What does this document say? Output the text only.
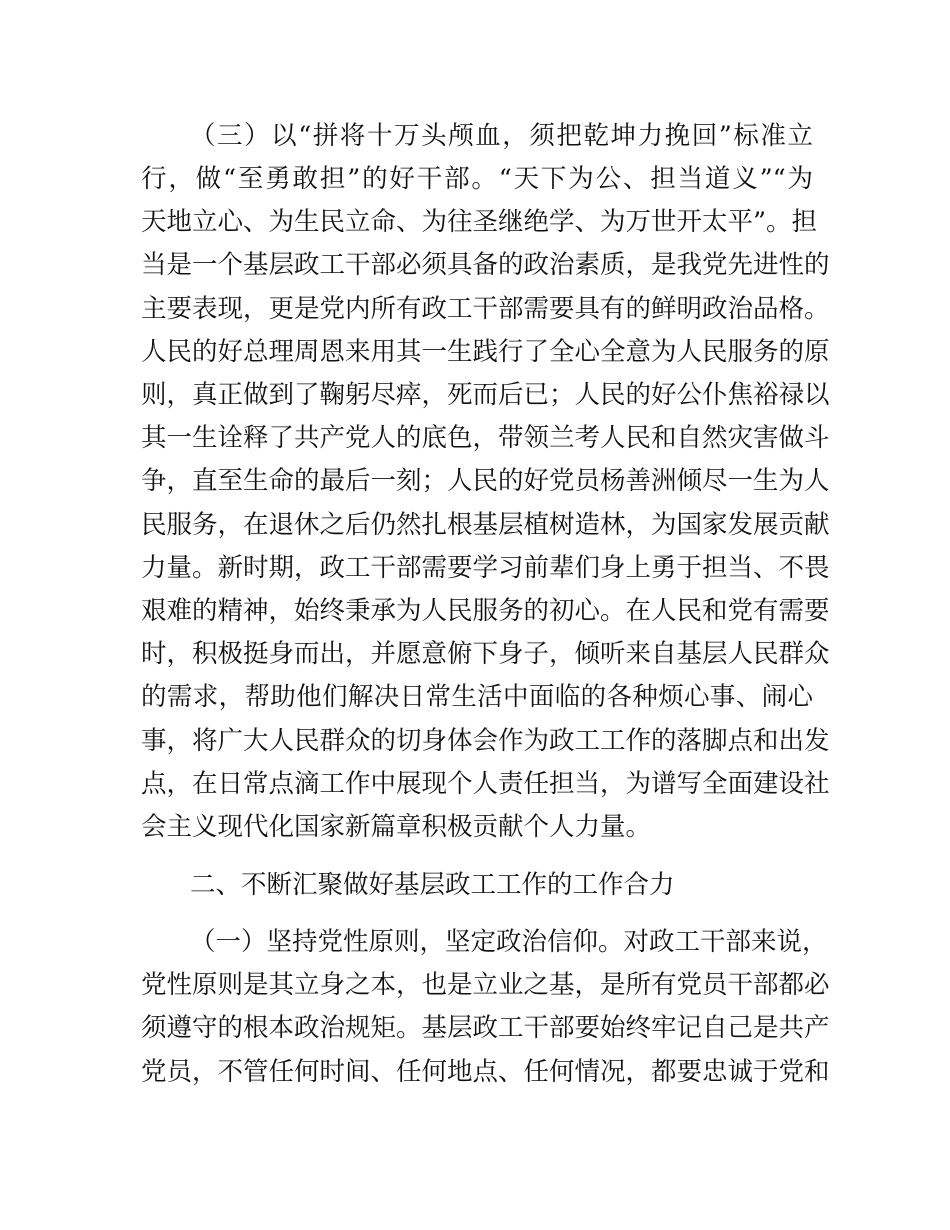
（三）以“拼将十万头颅血，须把乾坤力挽回”标准立
行，做“至勇敢担”的好干部。“天下为公、担当道义”“为
天地立心、为生民立命、为往圣继绝学、为万世开太平”。担
当是一个基层政工干部必须具备的政治素质，是我党先进性的
主要表现，更是党内所有政工干部需要具有的鲜明政治品格。
人民的好总理周恩来用其一生践行了全心全意为人民服务的原
则，真正做到了鞠躬尽瘁，死而后已；人民的好公仆焦裕禄以
其一生诠释了共产党人的底色，带领兰考人民和自然灾害做斗
争，直至生命的最后一刻；人民的好党员杨善洲倾尽一生为人
民服务，在退休之后仍然扎根基层植树造林，为国家发展贡献
力量。新时期，政工干部需要学习前辈们身上勇于担当、不畏
艰难的精神，始终秉承为人民服务的初心。在人民和党有需要
时，积极挺身而出，并愿意俯下身子，倾听来自基层人民群众
的需求，帮助他们解决日常生活中面临的各种烦心事、闹心
事，将广大人民群众的切身体会作为政工工作的落脚点和出发
点，在日常点滴工作中展现个人责任担当，为谱写全面建设社
会主义现代化国家新篇章积极贡献个人力量。
二、不断汇聚做好基层政工工作的工作合力
（一）坚持党性原则，坚定政治信仰。对政工干部来说，
党性原则是其立身之本，也是立业之基，是所有党员干部都必
须遵守的根本政治规矩。基层政工干部要始终牢记自己是共产
党员，不管任何时间、任何地点、任何情况，都要忠诚于党和
